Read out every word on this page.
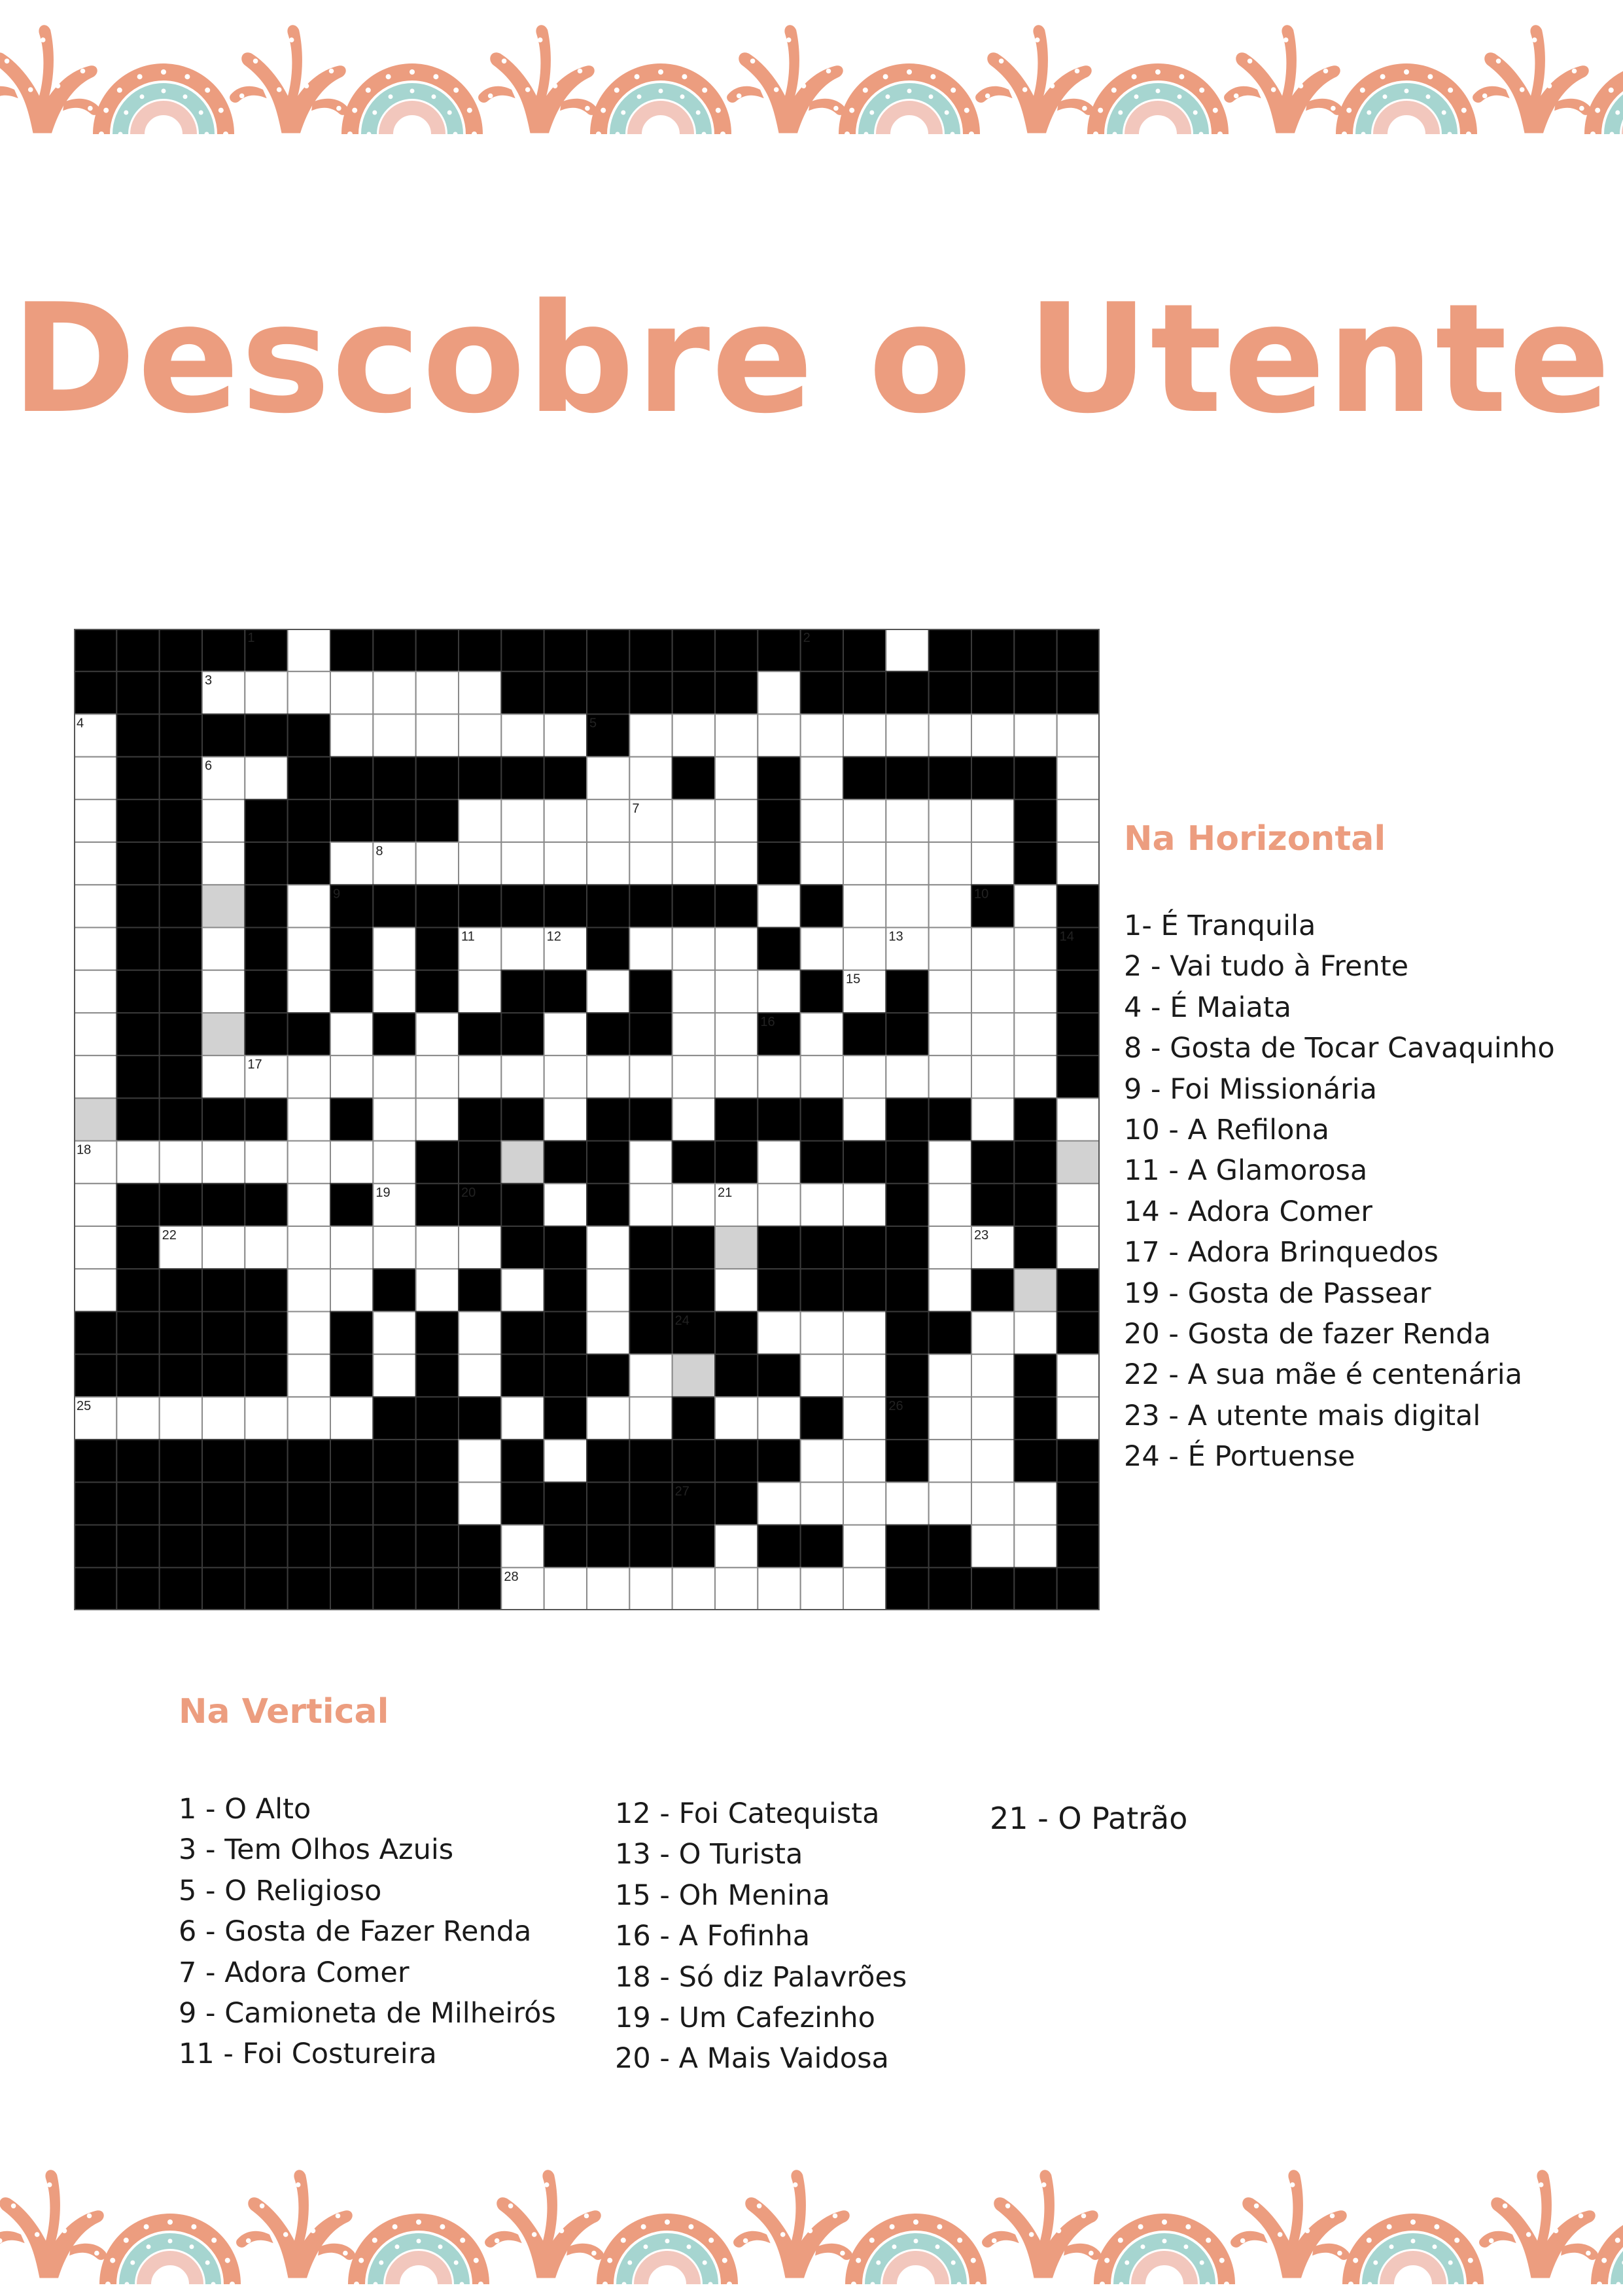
Descobre o Utente
1	2
3
4	5
6
7
8
9	10
11	12	13	14
15
16
17
18
19	20	21
22	23
24
25	26
27
28
Na Horizontal
1- É Tranquila
2 - Vai tudo à Frente
4 - É Maiata
8 - Gosta de Tocar Cavaquinho
9 - Foi Missionária
10 - A Refilona
11 - A Glamorosa
14 - Adora Comer
17 - Adora Brinquedos
19 - Gosta de Passear
20 - Gosta de fazer Renda
22 - A sua mãe é centenária
23 - A utente mais digital
24 - É Portuense
Na Vertical
1 - O Alto
3 - Tem Olhos Azuis
5 - O Religioso
6 - Gosta de Fazer Renda
7 - Adora Comer
9 - Camioneta de Milheirós
11 - Foi Costureira
12 - Foi Catequista
13 - O Turista
15 - Oh Menina
16 - A Fofinha
18 - Só diz Palavrões
19 - Um Cafezinho
20 - A Mais Vaidosa
21 - O Patrão
